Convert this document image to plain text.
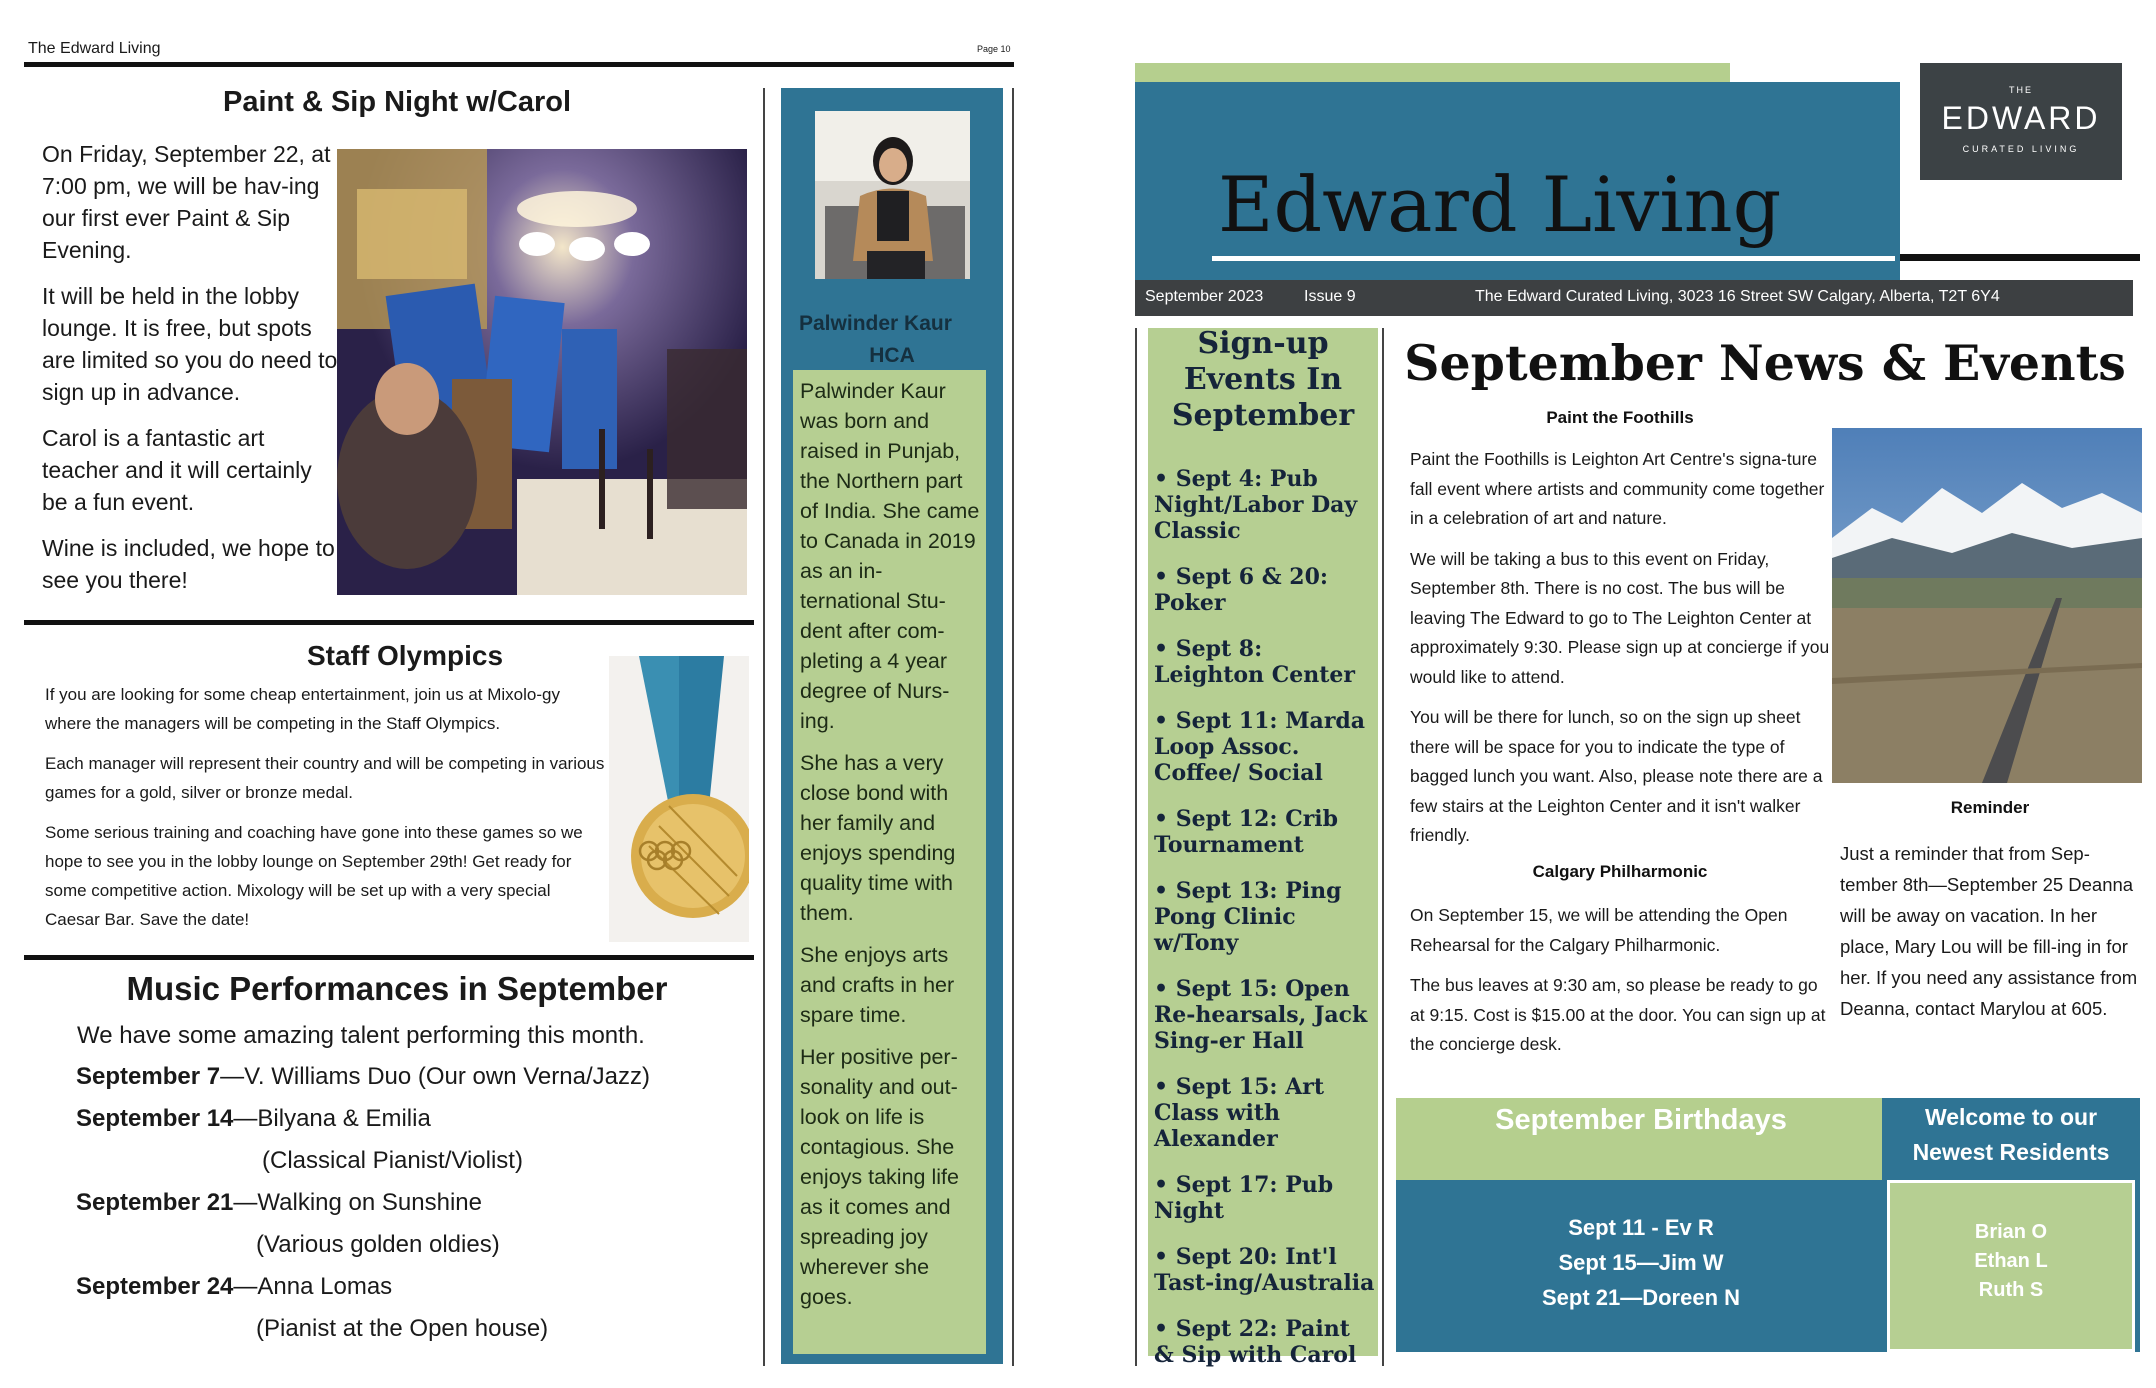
The Edward Living	Page 10
Paint & Sip Night w/Carol

On Friday, September 22, at 7:00 pm, we will be hav-ing our first ever Paint & Sip Evening.

It will be held in the lobby lounge. It is free, but spots are limited so you do need to sign up in advance.

Carol is a fantastic art teacher and it will certainly be a fun event.

Wine is included, we hope to see you there!

Staff Olympics

If you are looking for some cheap entertainment, join us at Mixolo-gy where the managers will be competing in the Staff Olympics.

Each manager will represent their country and will be competing in various games for a gold, silver or bronze medal.

Some serious training and coaching have gone into these games so we hope to see you in the lobby lounge on September 29th! Get ready for some competitive action. Mixology will be set up with a very special Caesar Bar. Save the date!

Music Performances in September
We have some amazing talent performing this month.
September 7—V. Williams Duo (Our own Verna/Jazz)
September 14—Bilyana & Emilia
(Classical Pianist/Violist)
September 21—Walking on Sunshine
(Various golden oldies)
September 24—Anna Lomas
(Pianist at the Open house)
Palwinder Kaur
HCA

Palwinder Kaur was born and raised in Punjab, the Northern part of India. She came to Canada in 2019 as an in-ternational Stu-dent after com-pleting a 4 year degree of Nurs-ing.

She has a very close bond with her family and enjoys spending quality time with them.

She enjoys arts and crafts in her spare time.

Her positive per-sonality and out-look on life is contagious. She enjoys taking life as it comes and spreading joy wherever she goes.

Edward Living
THE
EDWARD
CURATED LIVING
September 2023	Issue 9	The Edward Curated Living, 3023 16 Street SW Calgary, Alberta, T2T 6Y4
Sign-up Events In September
• Sept 4: Pub Night/Labor Day Classic
• Sept 6 & 20: Poker
• Sept 8: Leighton Center
• Sept 11: Marda Loop Assoc. Coffee/ Social
• Sept 12: Crib Tournament
• Sept 13: Ping Pong Clinic w/Tony
• Sept 15: Open Re-hearsals, Jack Sing-er Hall
• Sept 15: Art Class with Alexander
• Sept 17: Pub Night
• Sept 20: Int'l Tast-ing/Australia
• Sept 22: Paint & Sip with Carol
September News & Events
Paint the Foothills

Paint the Foothills is Leighton Art Centre's signa-ture fall event where artists and community come together in a celebration of art and nature.

We will be taking a bus to this event on Friday, September 8th. There is no cost. The bus will be leaving The Edward to go to The Leighton Center at approximately 9:30. Please sign up at concierge if you would like to attend.

You will be there for lunch, so on the sign up sheet there will be space for you to indicate the type of bagged lunch you want. Also, please note there are a few stairs at the Leighton Center and it isn't walker friendly.

Calgary Philharmonic

On September 15, we will be attending the Open Rehearsal for the Calgary Philharmonic.

The bus leaves at 9:30 am, so please be ready to go at 9:15. Cost is $15.00 at the door. You can sign up at the concierge desk.

Reminder
Just a reminder that from Sep-tember 8th—September 25 Deanna will be away on vacation. In her place, Mary Lou will be fill-ing in for her. If you need any assistance from Deanna, contact Marylou at 605.
September Birthdays
Sept 11 - Ev R
Sept 15—Jim W
Sept 21—Doreen N
Welcome to our Newest Residents
Brian O
Ethan L
Ruth S
